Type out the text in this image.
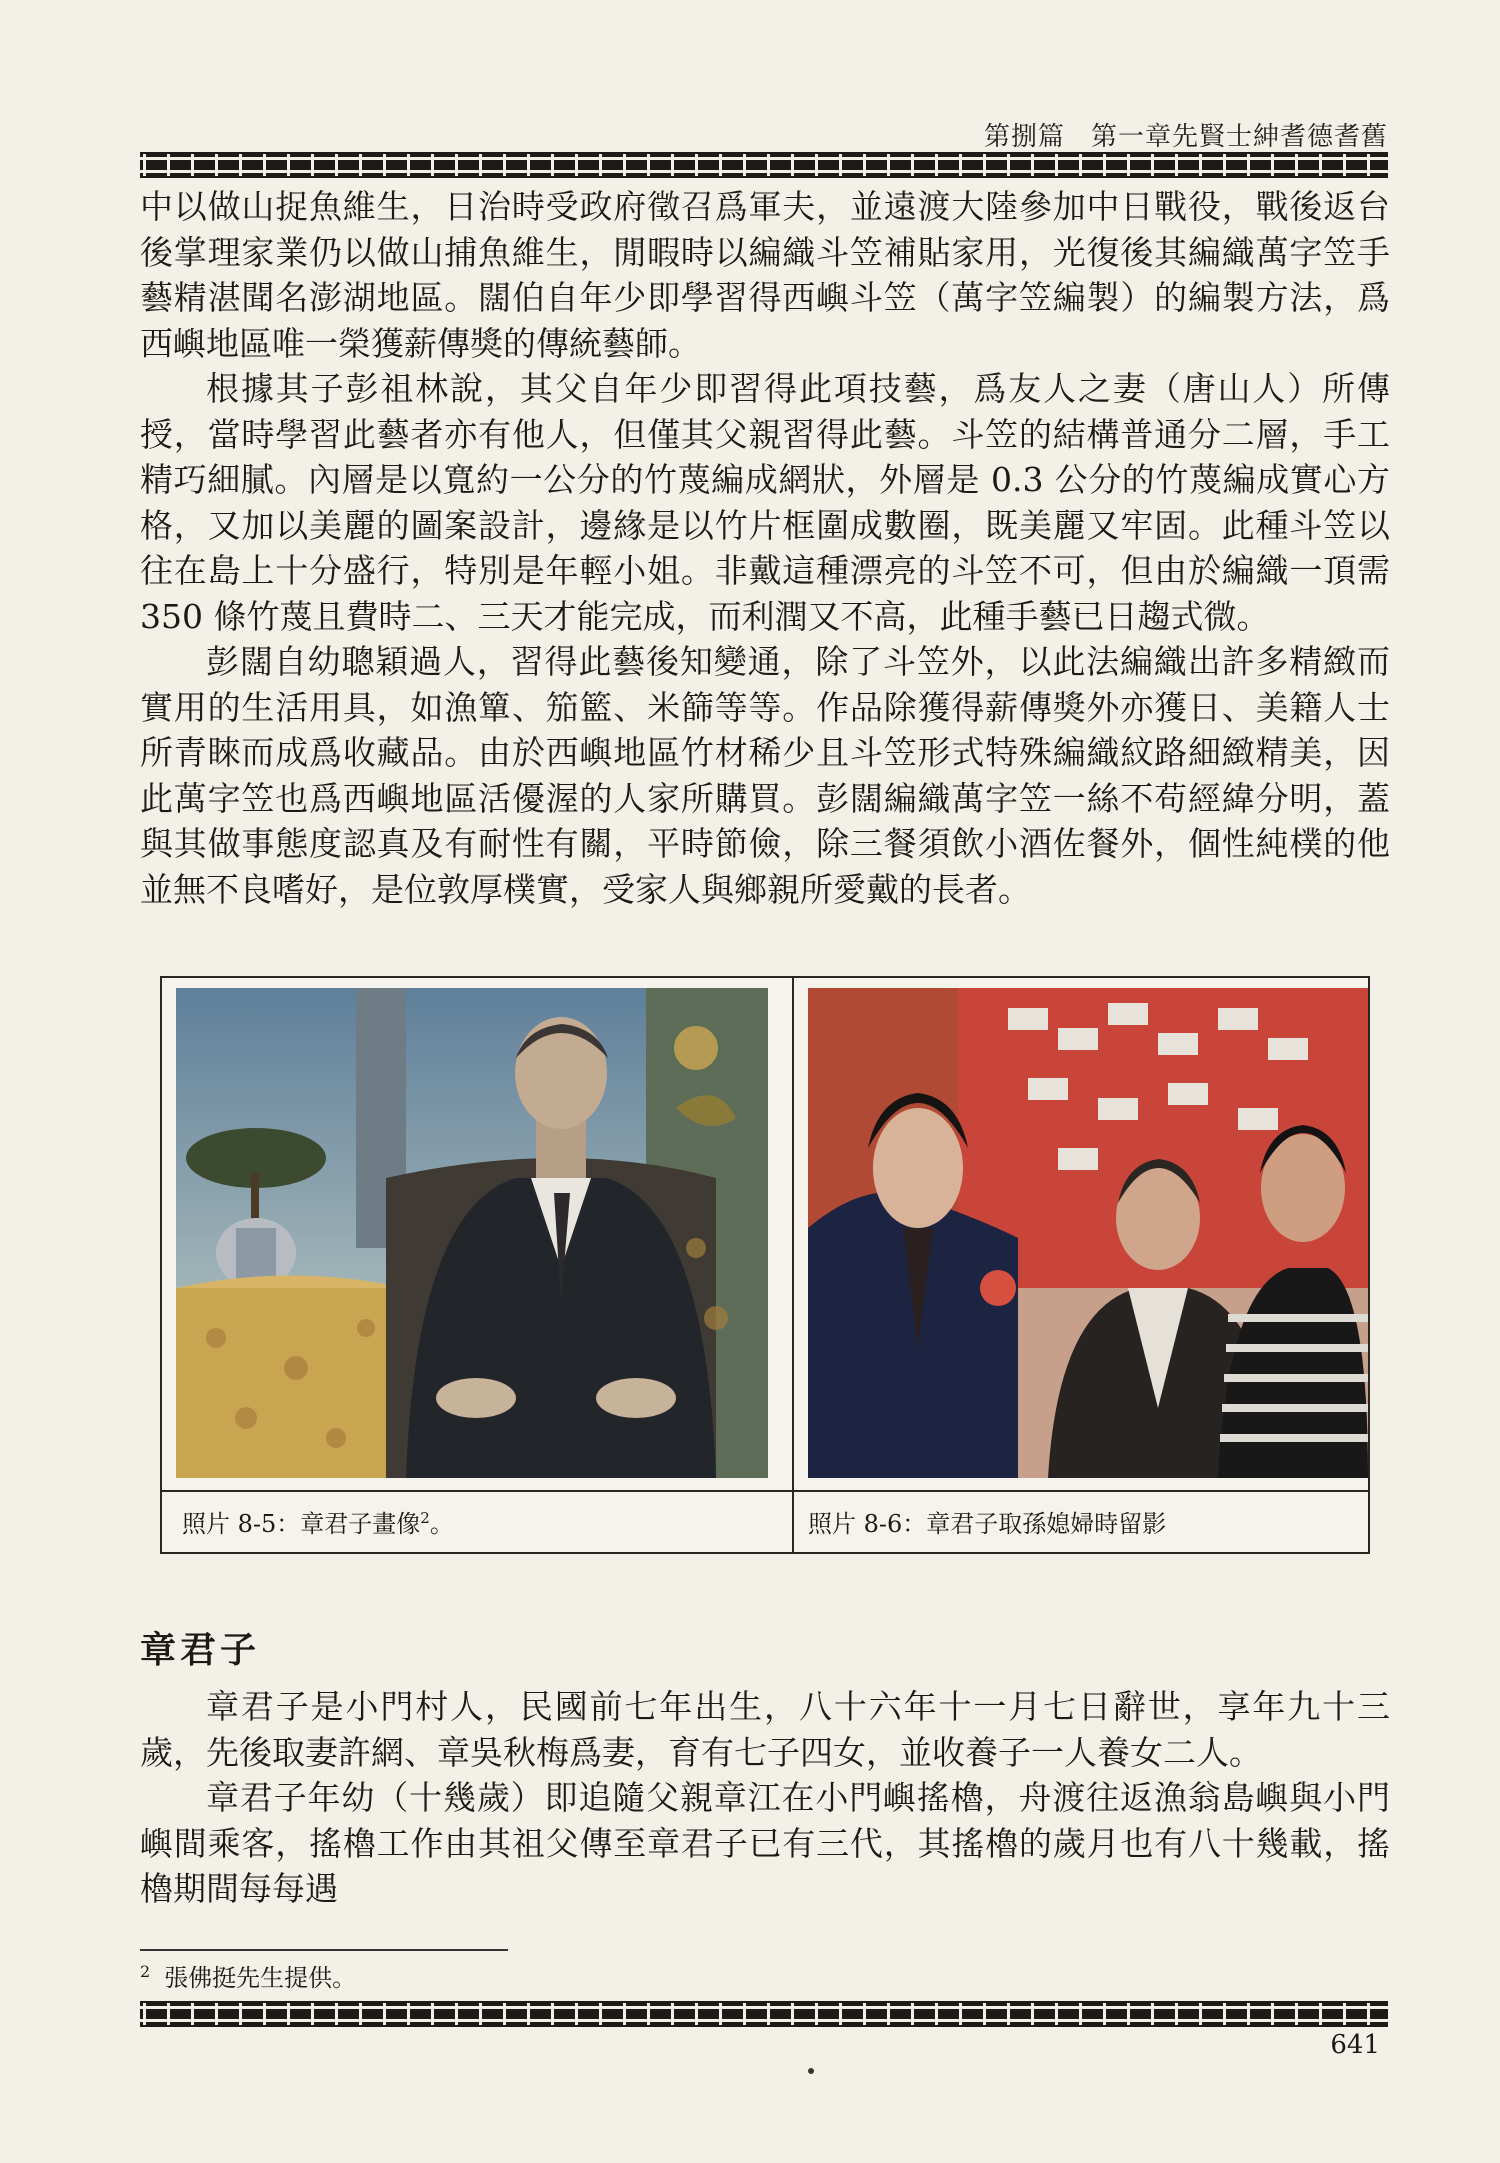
第捌篇 第一章先賢士紳耆德耆舊

中以做山捉魚維生，日治時受政府徵召爲軍夫，並遠渡大陸參加中日戰役，戰後返台後掌理家業仍以做山捕魚維生，閒暇時以編織斗笠補貼家用，光復後其編織萬字笠手藝精湛聞名澎湖地區。闊伯自年少即學習得西嶼斗笠（萬字笠編製）的編製方法，爲西嶼地區唯一榮獲薪傳獎的傳統藝師。

根據其子彭祖林說，其父自年少即習得此項技藝，爲友人之妻（唐山人）所傳授，當時學習此藝者亦有他人，但僅其父親習得此藝。斗笠的結構普通分二層，手工精巧細膩。內層是以寬約一公分的竹蔑編成網狀，外層是 0.3 公分的竹蔑編成實心方格，又加以美麗的圖案設計，邊緣是以竹片框圍成數圈，既美麗又牢固。此種斗笠以往在島上十分盛行，特別是年輕小姐。非戴這種漂亮的斗笠不可，但由於編織一頂需 350 條竹蔑且費時二、三天才能完成，而利潤又不高，此種手藝已日趨式微。

彭闊自幼聰穎過人，習得此藝後知變通，除了斗笠外，以此法編織出許多精緻而實用的生活用具，如漁簞、笳籃、米篩等等。作品除獲得薪傳獎外亦獲日、美籍人士所青睞而成爲收藏品。由於西嶼地區竹材稀少且斗笠形式特殊編織紋路細緻精美，因此萬字笠也爲西嶼地區活優渥的人家所購買。彭闊編織萬字笠一絲不苟經緯分明，蓋與其做事態度認真及有耐性有關，平時節儉，除三餐須飲小酒佐餐外，個性純樸的他並無不良嗜好，是位敦厚樸實，受家人與鄉親所愛戴的長者。

照片 8-5：章君子畫像$^2$。	照片 8-6：章君子取孫媳婦時留影
章君子

章君子是小門村人，民國前七年出生，八十六年十一月七日辭世，享年九十三歲，先後取妻許網、章吳秋梅爲妻，育有七子四女，並收養子一人養女二人。

章君子年幼（十幾歲）即追隨父親章江在小門嶼搖櫓，舟渡往返漁翁島嶼與小門嶼間乘客，搖櫓工作由其祖父傳至章君子已有三代，其搖櫓的歲月也有八十幾載，搖櫓期間每每遇

$^2$ 張佛挺先生提供。
641
